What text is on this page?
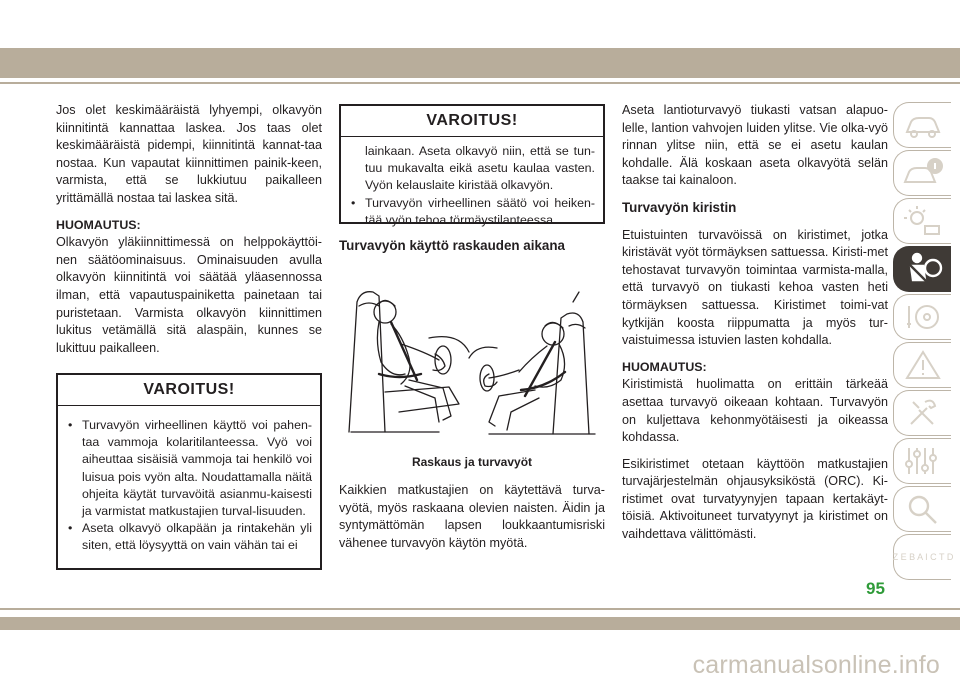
Jos olet keskimääräistä lyhyempi, olkavyön kiinnitintä kannattaa laskea. Jos taas olet keskimääräistä pidempi, kiinnitintä kannat-taa nostaa. Kun vapautat kiinnittimen painik-keen, varmista, että se lukkiutuu paikalleen yrittämällä nostaa tai laskea sitä.

HUOMAUTUS:

Olkavyön yläkiinnittimessä on helppokäyttöi-nen säätöominaisuus. Ominaisuuden avulla olkavyön kiinnitintä voi säätää yläasennossa ilman, että vapautuspainiketta painetaan tai puristetaan. Varmista olkavyön kiinnittimen lukitus vetämällä sitä alaspäin, kunnes se lukittuu paikalleen.

VAROITUS!
• Turvavyön virheellinen käyttö voi pahen-taa vammoja kolaritilanteessa. Vyö voi aiheuttaa sisäisiä vammoja tai henkilö voi luisua pois vyön alta. Noudattamalla näitä ohjeita käytät turvavöitä asianmu-kaisesti ja varmistat matkustajien turval-lisuuden.
• Aseta olkavyö olkapään ja rintakehän yli siten, että löysyyttä on vain vähän tai ei
VAROITUS!
lainkaan. Aseta olkavyö niin, että se tun-tuu mukavalta eikä asetu kaulaa vasten. Vyön kelauslaite kiristää olkavyön.
• Turvavyön virheellinen säätö voi heiken-tää vyön tehoa törmäystilanteessa.
Turvavyön käyttö raskauden aikana
Raskaus ja turvavyöt

Kaikkien matkustajien on käytettävä turva-vyötä, myös raskaana olevien naisten. Äidin ja syntymättömän lapsen loukkaantumisriski vähenee turvavyön käytön myötä.

Aseta lantioturvavyö tiukasti vatsan alapuo-lelle, lantion vahvojen luiden ylitse. Vie olka-vyö rinnan ylitse niin, että se ei asetu kaulan kohdalle. Älä koskaan aseta olkavyötä selän taakse tai kainaloon.

Turvavyön kiristin

Etuistuinten turvavöissä on kiristimet, jotka kiristävät vyöt törmäyksen sattuessa. Kiristi-met tehostavat turvavyön toimintaa varmista-malla, että turvavyö on tiukasti kehoa vasten heti törmäyksen sattuessa. Kiristimet toimi-vat kytkijän koosta riippumatta ja myös tur-vaistuimessa istuvien lasten kohdalla.

HUOMAUTUS:

Kiristimistä huolimatta on erittäin tärkeää asettaa turvavyö oikeaan kohtaan. Turvavyön on kuljettava kehonmyötäisesti ja oikeassa kohdassa.

Esikiristimet otetaan käyttöön matkustajien turvajärjestelmän ohjausyksiköstä (ORC). Ki-ristimet ovat turvatyynyjen tapaan kertakäyt-töisiä. Aktivoituneet turvatyynyt ja kiristimet on vaihdettava välittömästi.

Z E B A I C T D
95
carmanualsonline.info
